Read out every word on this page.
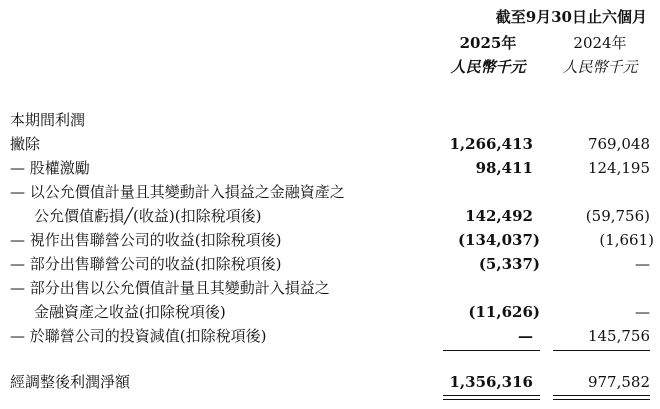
截至9月30日止六個月
2025年	2024年
人民幣千元	人民幣千元
本期間利潤
撇除	1,266,413	769,048
— 股權激勵	98,411	124,195
— 以公允價值計量且其變動計入損益之金融資產之
公允價值虧損╱(收益)(扣除稅項後)	142,492	(59,756)
— 視作出售聯營公司的收益(扣除稅項後)	(134,037)	(1,661)
— 部分出售聯營公司的收益(扣除稅項後)	(5,337)	—
— 部分出售以公允價值計量且其變動計入損益之
金融資產之收益(扣除稅項後)	(11,626)	—
— 於聯營公司的投資減值(扣除稅項後)	—	145,756
經調整後利潤淨額	1,356,316	977,582
